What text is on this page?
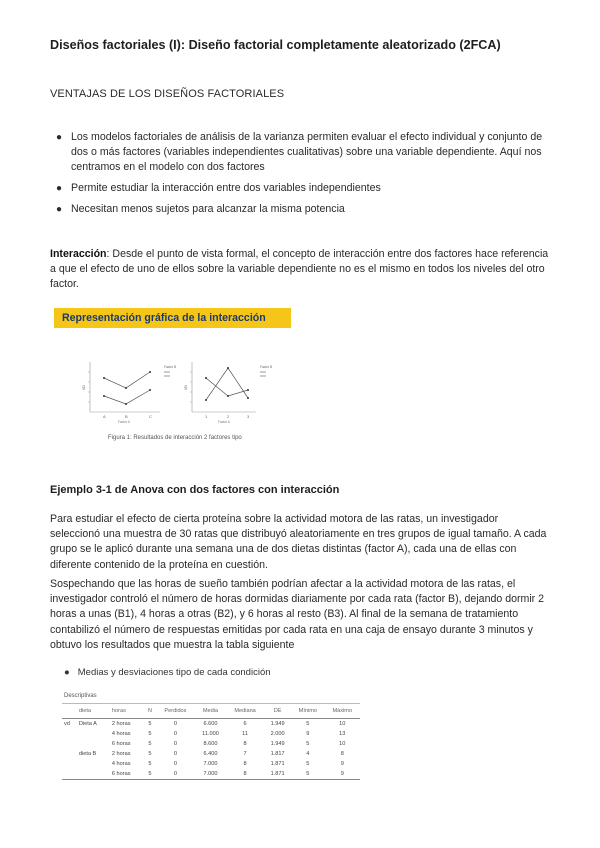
Diseños factoriales (I): Diseño factorial completamente aleatorizado (2FCA)
VENTAJAS DE LOS DISEÑOS FACTORIALES
● Los modelos factoriales de análisis de la varianza permiten evaluar el efecto individual y conjunto de dos o más factores (variables independientes cualitativas) sobre una variable dependiente. Aquí nos centramos en el modelo con dos factores
● Permite estudiar la interacción entre dos variables independientes
● Necesitan menos sujetos para alcanzar la misma potencia

Interacción: Desde el punto de vista formal, el concepto de interacción entre dos factores hace referencia a que el efecto de uno de ellos sobre la variable dependiente no es el mismo en todos los niveles del otro factor.

Representación gráfica de la interacción
VD
A	B	C
Factor A
Factor B
VD
1	2	3
Factor A
Factor B
Figura 1: Resultados de interacción 2 factores tipo
Ejemplo 3-1 de Anova con dos factores con interacción

Para estudiar el efecto de cierta proteína sobre la actividad motora de las ratas, un investigador seleccionó una muestra de 30 ratas que distribuyó aleatoriamente en tres grupos de igual tamaño. A cada grupo se le aplicó durante una semana una de dos dietas distintas (factor A), cada una de ellas con diferente contenido de la proteína en cuestión.

Sospechando que las horas de sueño también podrían afectar a la actividad motora de las ratas, el investigador controló el número de horas dormidas diariamente por cada rata (factor B), dejando dormir 2 horas a unas (B1), 4 horas a otras (B2), y 6 horas al resto (B3). Al final de la semana de tratamiento contabilizó el número de respuestas emitidas por cada rata en una caja de ensayo durante 3 minutos y obtuvo los resultados que muestra la tabla siguiente

● Medias y desviaciones tipo de cada condición
Descriptivas
	dieta	horas	N	Perdidos	Media	Mediana	DE	Mínimo	Máximo
vd	Dieta A	2 horas	5	0	6.600	6	1.949	5	10
		4 horas	5	0	11.000	11	2.000	9	13
		6 horas	5	0	8.600	8	1.949	5	10
	dieta B	2 horas	5	0	6.400	7	1.817	4	8
		4 horas	5	0	7.000	8	1.871	5	9
		6 horas	5	0	7.000	8	1.871	5	9
